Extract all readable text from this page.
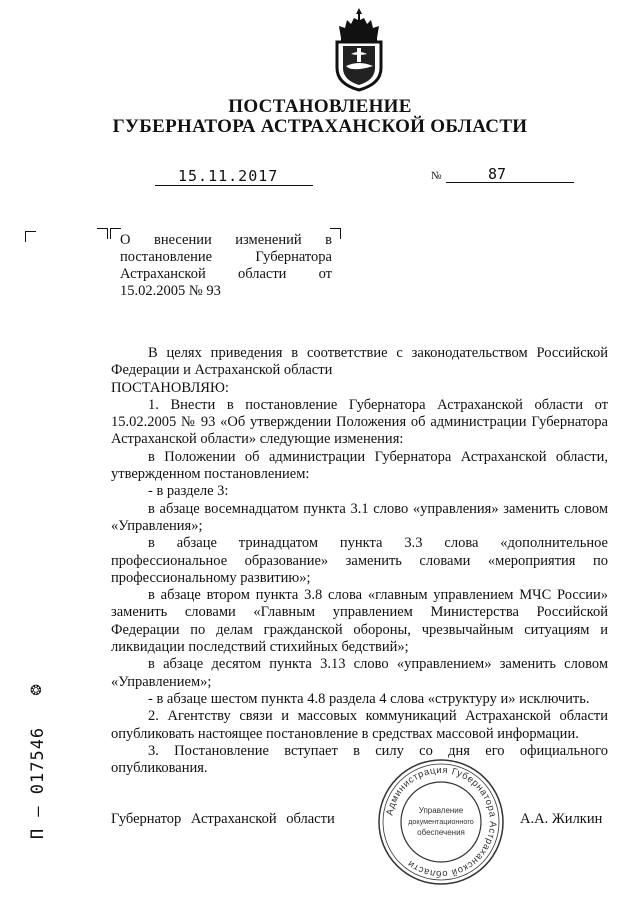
ПОСТАНОВЛЕНИЕ
ГУБЕРНАТОРА АСТРАХАНСКОЙ ОБЛАСТИ
15.11.2017	№	87
О внесении изменений в постановление Губернатора Астраханской области от 15.02.2005 № 93

В целях приведения в соответствие с законодательством Российской Федерации и Астраханской области

ПОСТАНОВЛЯЮ:

1. Внести в постановление Губернатора Астраханской области от 15.02.2005 № 93 «Об утверждении Положения об администрации Губернатора Астраханской области» следующие изменения:

в Положении об администрации Губернатора Астраханской области, утвержденном постановлением:

- в разделе 3:

в абзаце восемнадцатом пункта 3.1 слово «управления» заменить словом «Управления»;

в абзаце тринадцатом пункта 3.3 слова «дополнительное профессиональное образование» заменить словами «мероприятия по профессиональному развитию»;

в абзаце втором пункта 3.8 слова «главным управлением МЧС России» заменить словами «Главным управлением Министерства Российской Федерации по делам гражданской обороны, чрезвычайным ситуациям и ликвидации последствий стихийных бедствий»;

в абзаце десятом пункта 3.13 слово «управлением» заменить словом «Управлением»;

- в абзаце шестом пункта 4.8 раздела 4 слова «структуру и» исключить.

2. Агентству связи и массовых коммуникаций Астраханской области опубликовать настоящее постановление в средствах массовой информации.

3. Постановление вступает в силу со дня его официального опубликования.

Губернатор Астраханской области	А.А. Жилкин
Администрация Губернатора Астраханской области
Управление
документационного
обеспечения
❂
П – 017546
